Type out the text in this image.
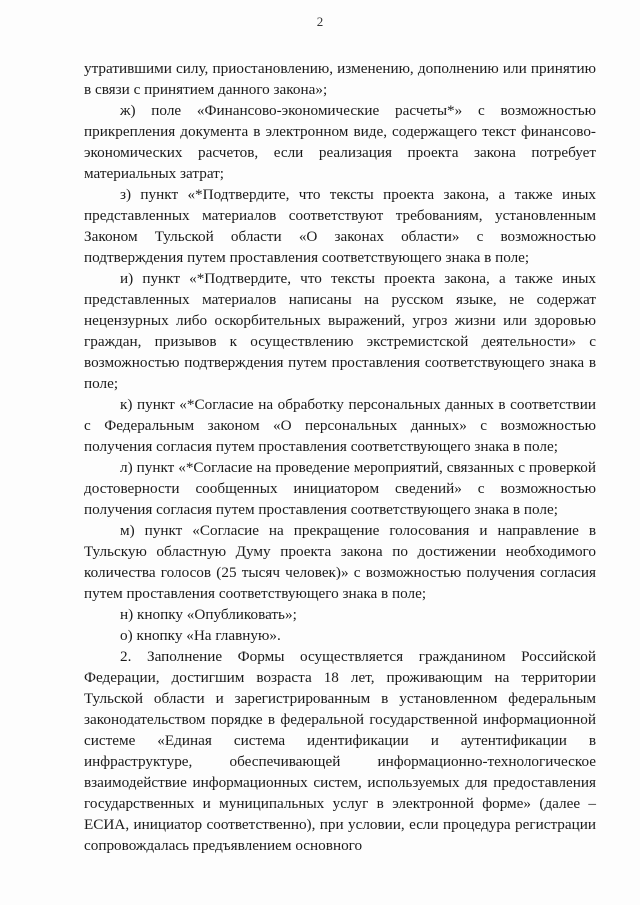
2

утратившими силу, приостановлению, изменению, дополнению или принятию в связи с принятием данного закона»;

ж) поле «Финансово-экономические расчеты*» с возможностью прикрепления документа в электронном виде, содержащего текст финансово-экономических расчетов, если реализация проекта закона потребует материальных затрат;

з) пункт «*Подтвердите, что тексты проекта закона, а также иных представленных материалов соответствуют требованиям, установленным Законом Тульской области «О законах области» с возможностью подтверждения путем проставления соответствующего знака в поле;

и) пункт «*Подтвердите, что тексты проекта закона, а также иных представленных материалов написаны на русском языке, не содержат нецензурных либо оскорбительных выражений, угроз жизни или здоровью граждан, призывов к осуществлению экстремистской деятельности» с возможностью подтверждения путем проставления соответствующего знака в поле;

к) пункт «*Согласие на обработку персональных данных в соответствии с Федеральным законом «О персональных данных» с возможностью получения согласия путем проставления соответствующего знака в поле;

л) пункт «*Согласие на проведение мероприятий, связанных с проверкой достоверности сообщенных инициатором сведений» с возможностью получения согласия путем проставления соответствующего знака в поле;

м) пункт «Согласие на прекращение голосования и направление в Тульскую областную Думу проекта закона по достижении необходимого количества голосов (25 тысяч человек)» с возможностью получения согласия путем проставления соответствующего знака в поле;

н) кнопку «Опубликовать»;

о) кнопку «На главную».

2. Заполнение Формы осуществляется гражданином Российской Федерации, достигшим возраста 18 лет, проживающим на территории Тульской области и зарегистрированным в установленном федеральным законодательством порядке в федеральной государственной информационной системе «Единая система идентификации и аутентификации в инфраструктуре, обеспечивающей информационно-технологическое взаимодействие информационных систем, используемых для предоставления государственных и муниципальных услуг в электронной форме» (далее – ЕСИА, инициатор соответственно), при условии, если процедура регистрации сопровождалась предъявлением основного
